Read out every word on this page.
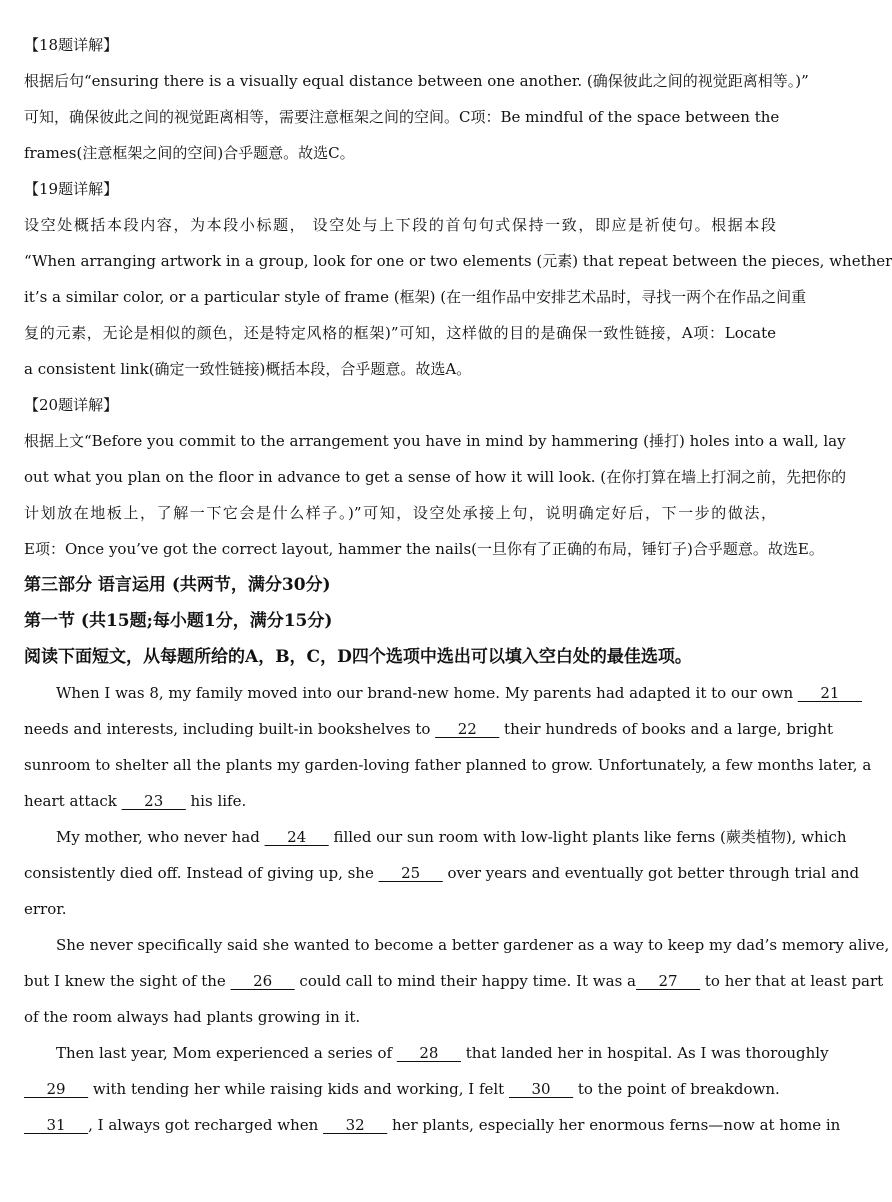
【18题详解】
根据后句“ensuring there is a visually equal distance between one another. (确保彼此之间的视觉距离相等。)”
可知，确保彼此之间的视觉距离相等，需要注意框架之间的空间。C项：Be mindful of the space between the
frames(注意框架之间的空间)合乎题意。故选C。
【19题详解】
设空处概括本段内容，为本段小标题， 设空处与上下段的首句句式保持一致，即应是祈使句。根据本段
“When arranging artwork in a group, look for one or two elements (元素) that repeat between the pieces, whether
it’s a similar color, or a particular style of frame (框架) (在一组作品中安排艺术品时，寻找一两个在作品之间重
复的元素，无论是相似的颜色，还是特定风格的框架)”可知，这样做的目的是确保一致性链接，A项：Locate
a consistent link(确定一致性链接)概括本段，合乎题意。故选A。
【20题详解】
根据上文“Before you commit to the arrangement you have in mind by hammering (捶打) holes into a wall, lay
out what you plan on the floor in advance to get a sense of how it will look. (在你打算在墙上打洞之前，先把你的
计划放在地板上，了解一下它会是什么样子。)”可知，设空处承接上句，说明确定好后，下一步的做法，
E项：Once you’ve got the correct layout, hammer the nails(一旦你有了正确的布局，锤钉子)合乎题意。故选E。
第三部分 语言运用 (共两节，满分30分)
第一节 (共15题;每小题1分，满分15分)
阅读下面短文，从每题所给的A，B，C，D四个选项中选出可以填入空白处的最佳选项。
When I was 8, my family moved into our brand-new home. My parents had adapted it to our own ___21___
needs and interests, including built-in bookshelves to ___22___ their hundreds of books and a large, bright
sunroom to shelter all the plants my garden-loving father planned to grow. Unfortunately, a few months later, a
heart attack ___23___ his life.
My mother, who never had ___24___ filled our sun room with low-light plants like ferns (蕨类植物), which
consistently died off. Instead of giving up, she ___25___ over years and eventually got better through trial and
error.
She never specifically said she wanted to become a better gardener as a way to keep my dad’s memory alive,
but I knew the sight of the ___26___ could call to mind their happy time. It was a___27___ to her that at least part
of the room always had plants growing in it.
Then last year, Mom experienced a series of ___28___ that landed her in hospital. As I was thoroughly
___29___ with tending her while raising kids and working, I felt ___30___ to the point of breakdown.
___31___, I always got recharged when ___32___ her plants, especially her enormous ferns—now at home in
